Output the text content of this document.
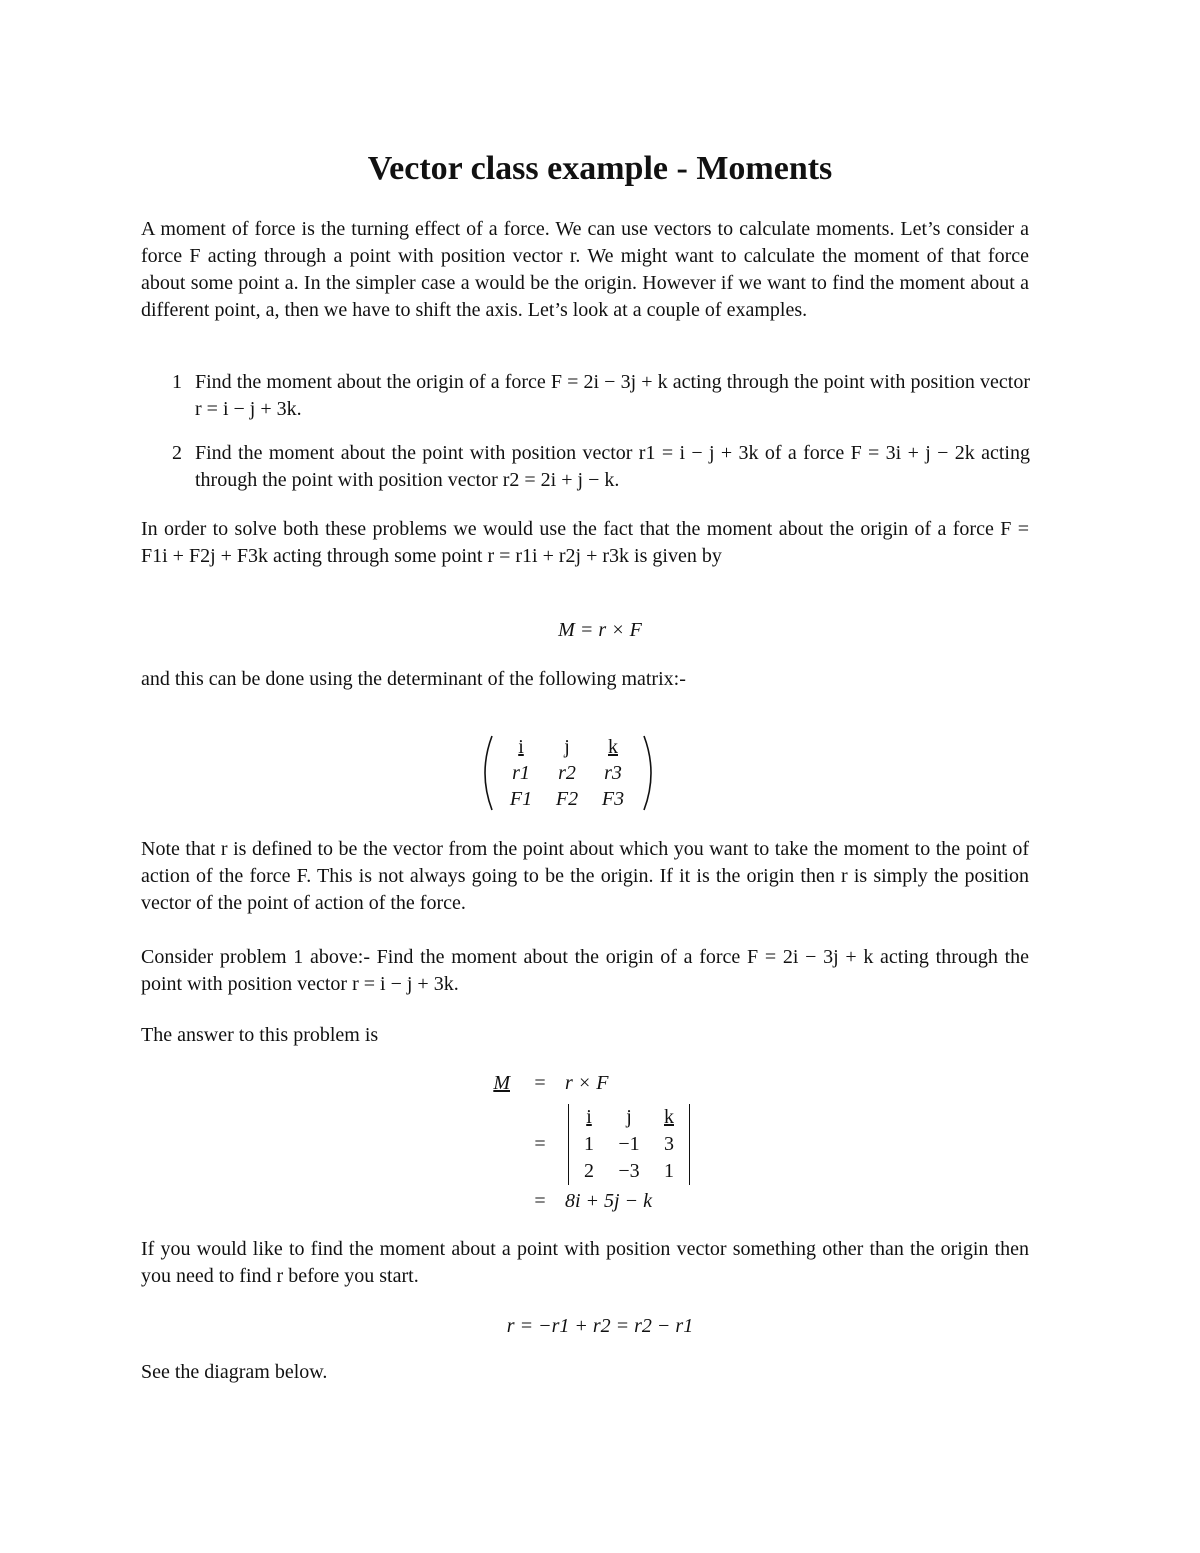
Vector class example - Moments

A moment of force is the turning effect of a force. We can use vectors to calculate moments. Let’s consider a force F acting through a point with position vector r. We might want to calculate the moment of that force about some point a. In the simpler case a would be the origin. However if we want to find the moment about a different point, a, then we have to shift the axis. Let’s look at a couple of examples.

1 Find the moment about the origin of a force F = 2i − 3j + k acting through the point with position vector r = i − j + 3k.
2 Find the moment about the point with position vector r1 = i − j + 3k of a force F = 3i + j − 2k acting through the point with position vector r2 = 2i + j − k.

In order to solve both these problems we would use the fact that the moment about the origin of a force F = F1i + F2j + F3k acting through some point r = r1i + r2j + r3k is given by

M = r × F

and this can be done using the determinant of the following matrix:-

i	j	k
r1	r2	r3
F1	F2	F3

Note that r is defined to be the vector from the point about which you want to take the moment to the point of action of the force F. This is not always going to be the origin. If it is the origin then r is simply the position vector of the point of action of the force.

Consider problem 1 above:- Find the moment about the origin of a force F = 2i − 3j + k acting through the point with position vector r = i − j + 3k.

The answer to this problem is

M	= r × F
=
i	j	k
1	−1	3
2	−3	1
= 8i + 5j − k

If you would like to find the moment about a point with position vector something other than the origin then you need to find r before you start.

r = −r1 + r2 = r2 − r1

See the diagram below.
